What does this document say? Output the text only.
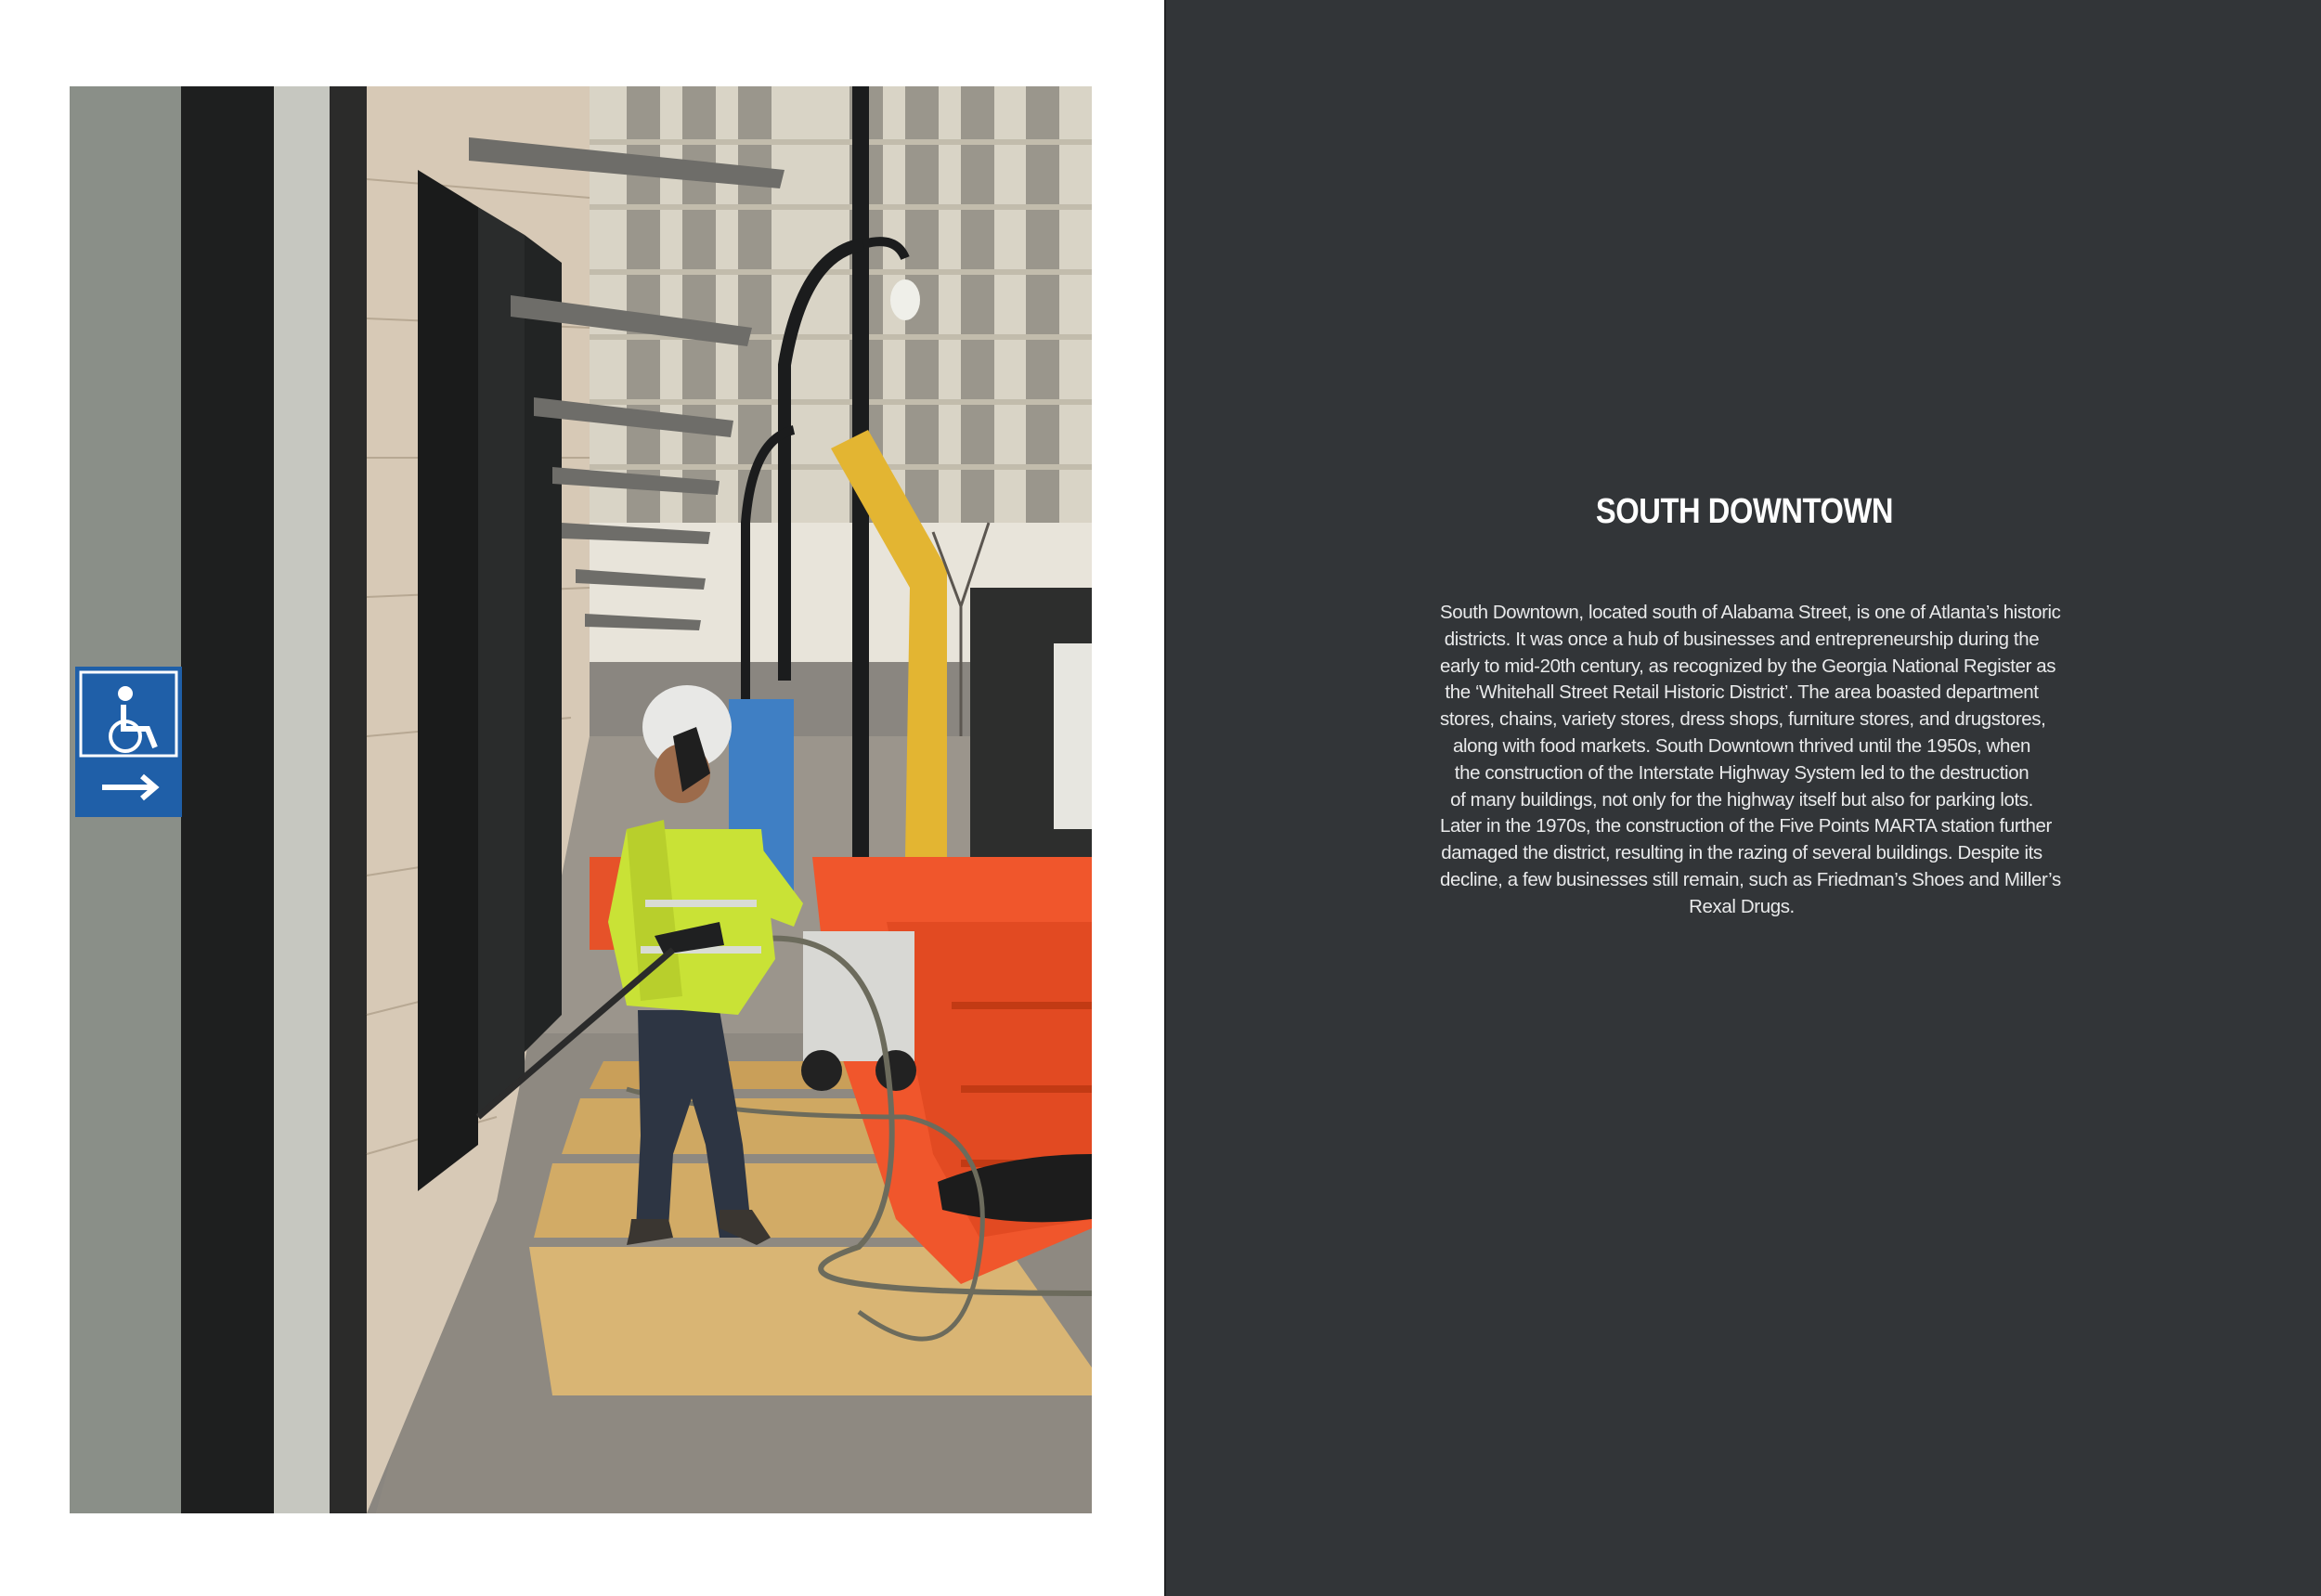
SOUTH DOWNTOWN
South Downtown, located south of Alabama Street, is one of Atlanta’s historic
districts. It was once a hub of businesses and entrepreneurship during the
early to mid-20th century, as recognized by the Georgia National Register as
the ‘Whitehall Street Retail Historic District’. The area boasted department
stores, chains, variety stores, dress shops, furniture stores, and drugstores,
along with food markets. South Downtown thrived until the 1950s, when
the construction of the Interstate Highway System led to the destruction
of many buildings, not only for the highway itself but also for parking lots.
Later in the 1970s, the construction of the Five Points MARTA station further
damaged the district, resulting in the razing of several buildings. Despite its
decline, a few businesses still remain, such as Friedman’s Shoes and Miller’s
Rexal Drugs.
